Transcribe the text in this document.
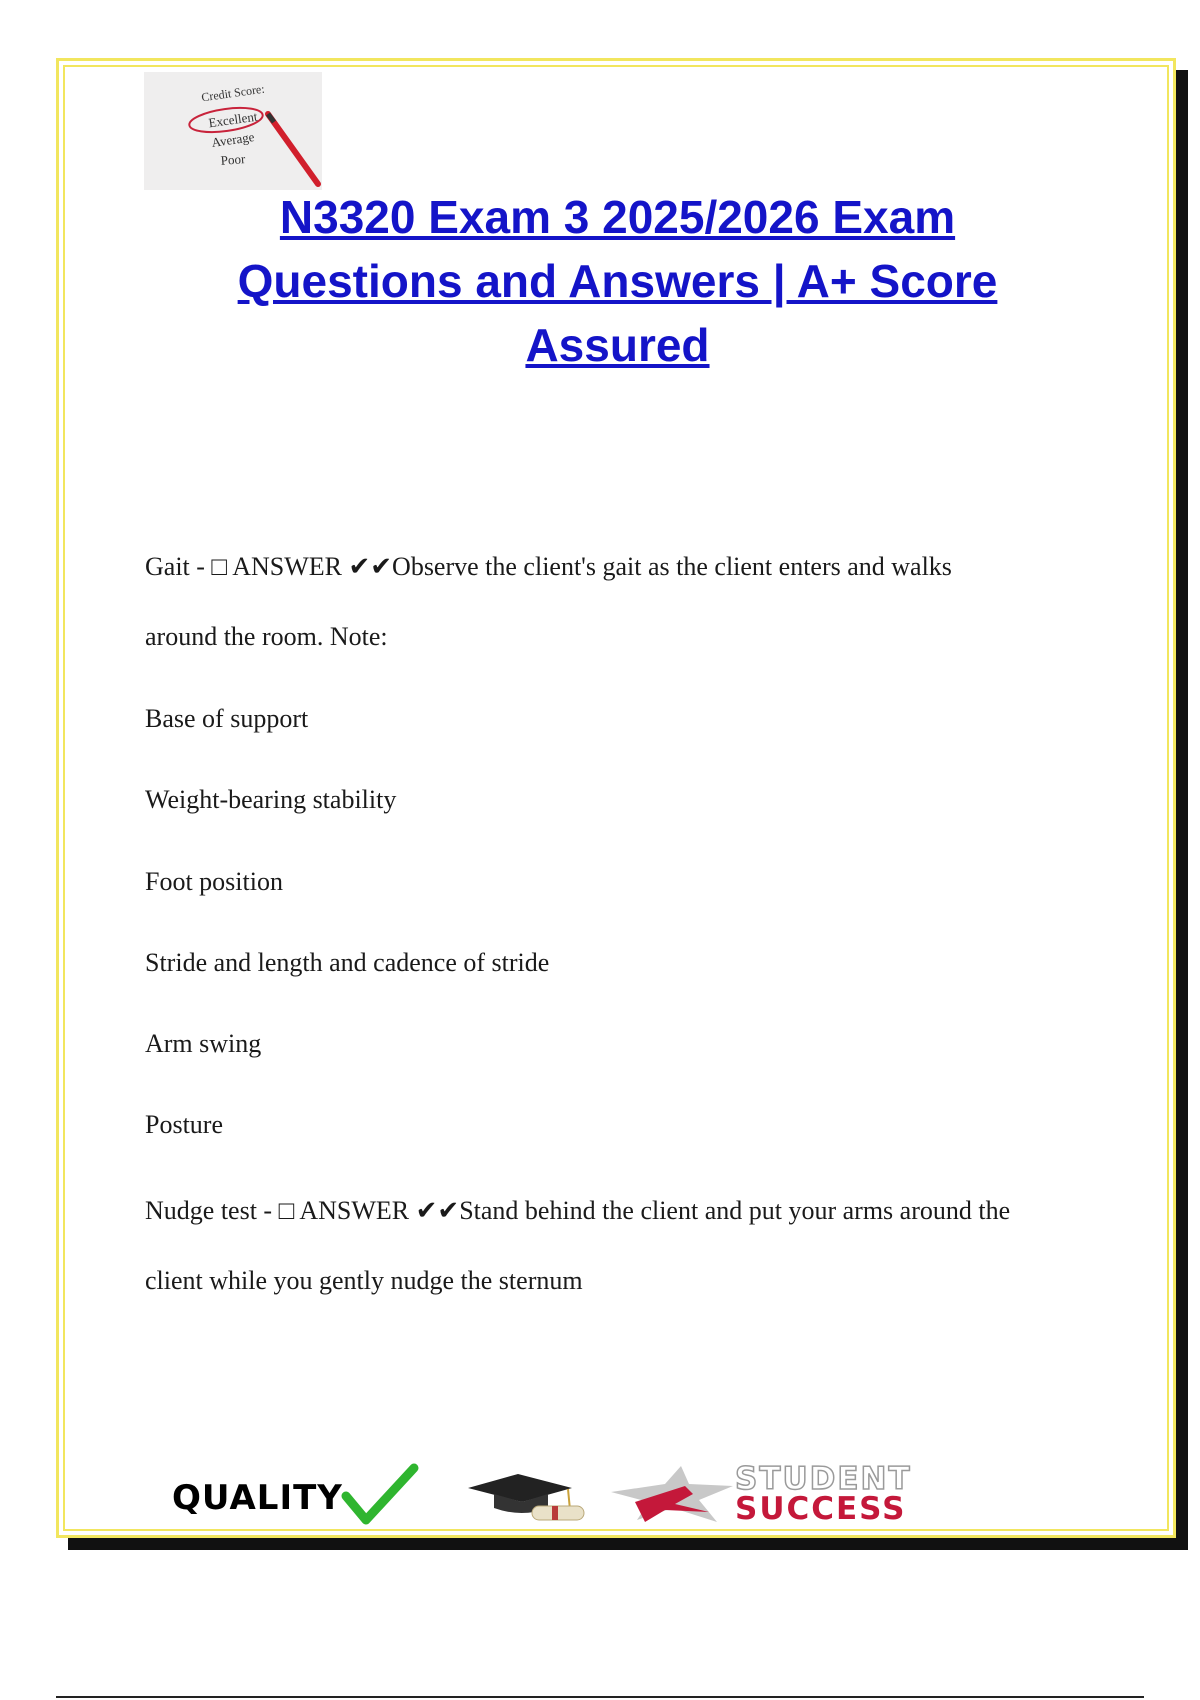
Credit Score:
Excellent
Average
Poor
N3320 Exam 3 2025/2026 Exam
Questions and Answers | A+ Score
Assured
Gait - □ ANSWER ✔✔Observe the client's gait as the client enters and walks
around the room. Note:
Base of support
Weight-bearing stability
Foot position
Stride and length and cadence of stride
Arm swing
Posture
Nudge test - □ ANSWER ✔✔Stand behind the client and put your arms around the
client while you gently nudge the sternum
QUALITY	STUDENT
SUCCESS
